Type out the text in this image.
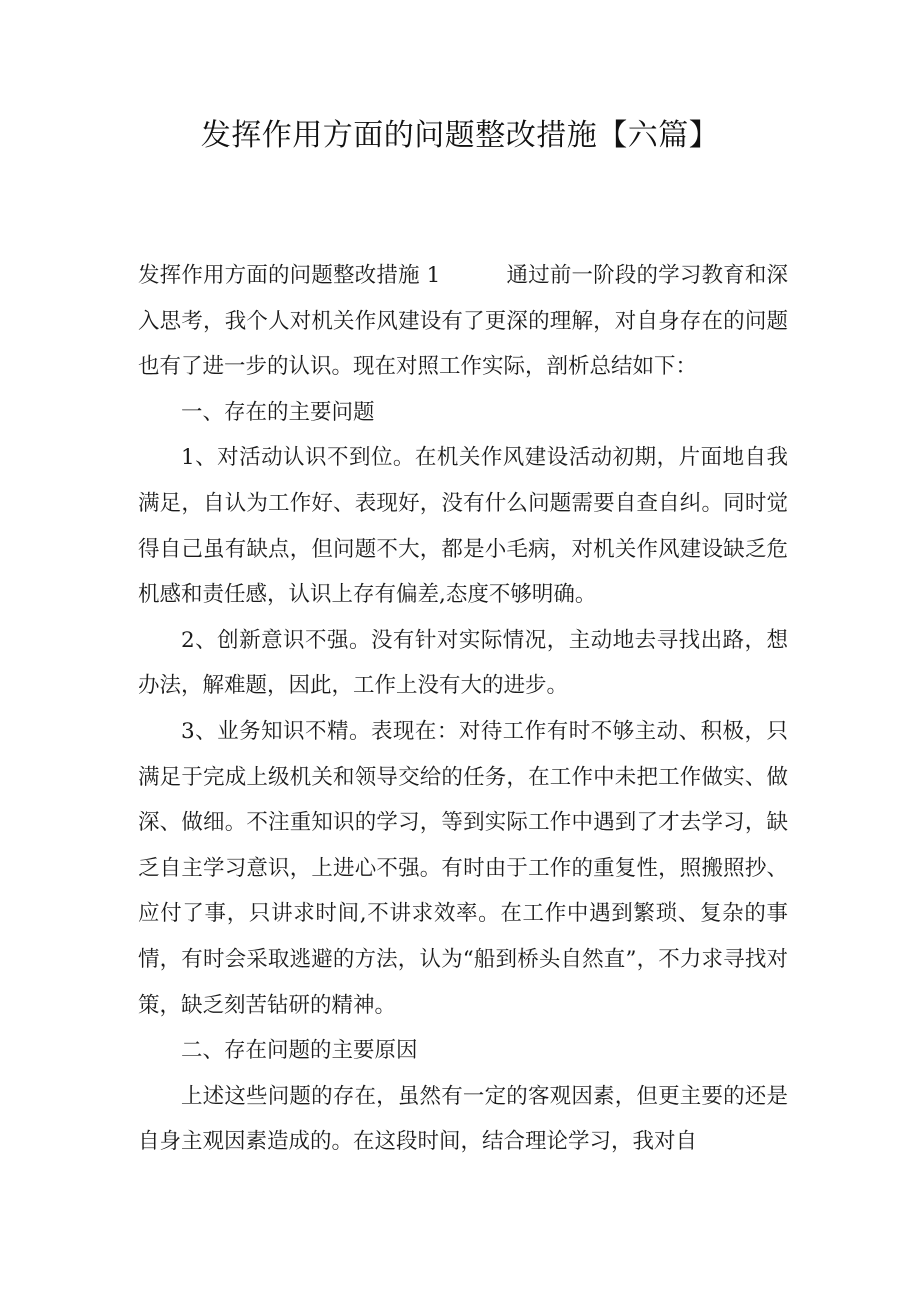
发挥作用方面的问题整改措施【六篇】

发挥作用方面的问题整改措施 1	通过前一阶段的学习教育和深入思考，我个人对机关作风建设有了更深的理解，对自身存在的问题也有了进一步的认识。现在对照工作实际，剖析总结如下：

一、存在的主要问题

1、对活动认识不到位。在机关作风建设活动初期，片面地自我满足，自认为工作好、表现好，没有什么问题需要自查自纠。同时觉得自己虽有缺点，但问题不大，都是小毛病，对机关作风建设缺乏危机感和责任感，认识上存有偏差,态度不够明确。

2、创新意识不强。没有针对实际情况，主动地去寻找出路，想办法，解难题，因此，工作上没有大的进步。

3、业务知识不精。表现在：对待工作有时不够主动、积极，只满足于完成上级机关和领导交给的任务，在工作中未把工作做实、做深、做细。不注重知识的学习，等到实际工作中遇到了才去学习，缺乏自主学习意识，上进心不强。有时由于工作的重复性，照搬照抄、应付了事，只讲求时间,不讲求效率。在工作中遇到繁琐、复杂的事情，有时会采取逃避的方法，认为“船到桥头自然直”，不力求寻找对策，缺乏刻苦钻研的精神。

二、存在问题的主要原因

上述这些问题的存在，虽然有一定的客观因素，但更主要的还是自身主观因素造成的。在这段时间，结合理论学习，我对自
